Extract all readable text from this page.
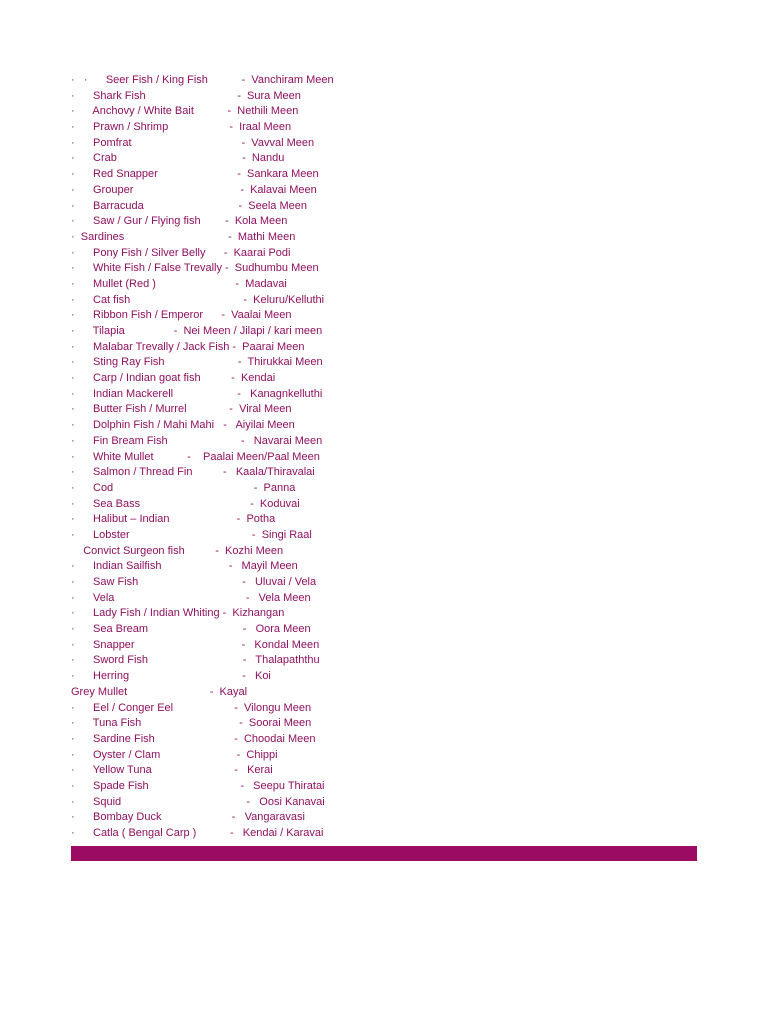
·   ·      Seer Fish / King Fish           -  Vanchiram Meen
·      Shark Fish                              -  Sura Meen
·      Anchovy / White Bait           -  Nethili Meen
·      Prawn / Shrimp                    -  Iraal Meen
·      Pomfrat                                    -  Vavval Meen
·      Crab                                         -  Nandu
·      Red Snapper                          -  Sankara Meen
·      Grouper                                   -  Kalavai Meen
·      Barracuda                               -  Seela Meen
·      Saw / Gur / Flying fish        -  Kola Meen
·  Sardines                                  -  Mathi Meen
·      Pony Fish / Silver Belly      -  Kaarai Podi
·      White Fish / False Trevally -  Sudhumbu Meen
·      Mullet (Red )                          -  Madavai
·      Cat fish                                     -  Keluru/Kelluthi
·      Ribbon Fish / Emperor      -  Vaalai Meen
·      Tilapia                -  Nei Meen / Jilapi / kari meen
·      Malabar Trevally / Jack Fish -  Paarai Meen
·      Sting Ray Fish                        -  Thirukkai Meen
·      Carp / Indian goat fish          -  Kendai
·      Indian Mackerell                     -   Kanagnkelluthi
·      Butter Fish / Murrel              -  Viral Meen
·      Dolphin Fish / Mahi Mahi   -   Aiyilai Meen
·      Fin Bream Fish                        -   Navarai Meen
·      White Mullet           -    Paalai Meen/Paal Meen
·      Salmon / Thread Fin          -   Kaala/Thiravalai
·      Cod                                              -  Panna
·      Sea Bass                                    -  Koduvai
·      Halibut – Indian                      -  Potha
·      Lobster                                        -  Singi Raal
Convict Surgeon fish          -  Kozhi Meen
·      Indian Sailfish                      -   Mayil Meen
·      Saw Fish                                  -   Uluvai / Vela
·      Vela                                           -   Vela Meen
·      Lady Fish / Indian Whiting -  Kizhangan
·      Sea Bream                               -   Oora Meen
·      Snapper                                   -   Kondal Meen
·      Sword Fish                               -   Thalapaththu
·      Herring                                     -   Koi
Grey Mullet                           -  Kayal
·      Eel / Conger Eel                    -  Vilongu Meen
·      Tuna Fish                                -  Soorai Meen
·      Sardine Fish                          -  Choodai Meen
·      Oyster / Clam                         -  Chippi
·      Yellow Tuna                           -   Kerai
·      Spade Fish                              -   Seepu Thiratai
·      Squid                                         -   Oosi Kanavai
·      Bombay Duck                       -   Vangaravasi
·      Catla ( Bengal Carp )           -   Kendai / Karavai
